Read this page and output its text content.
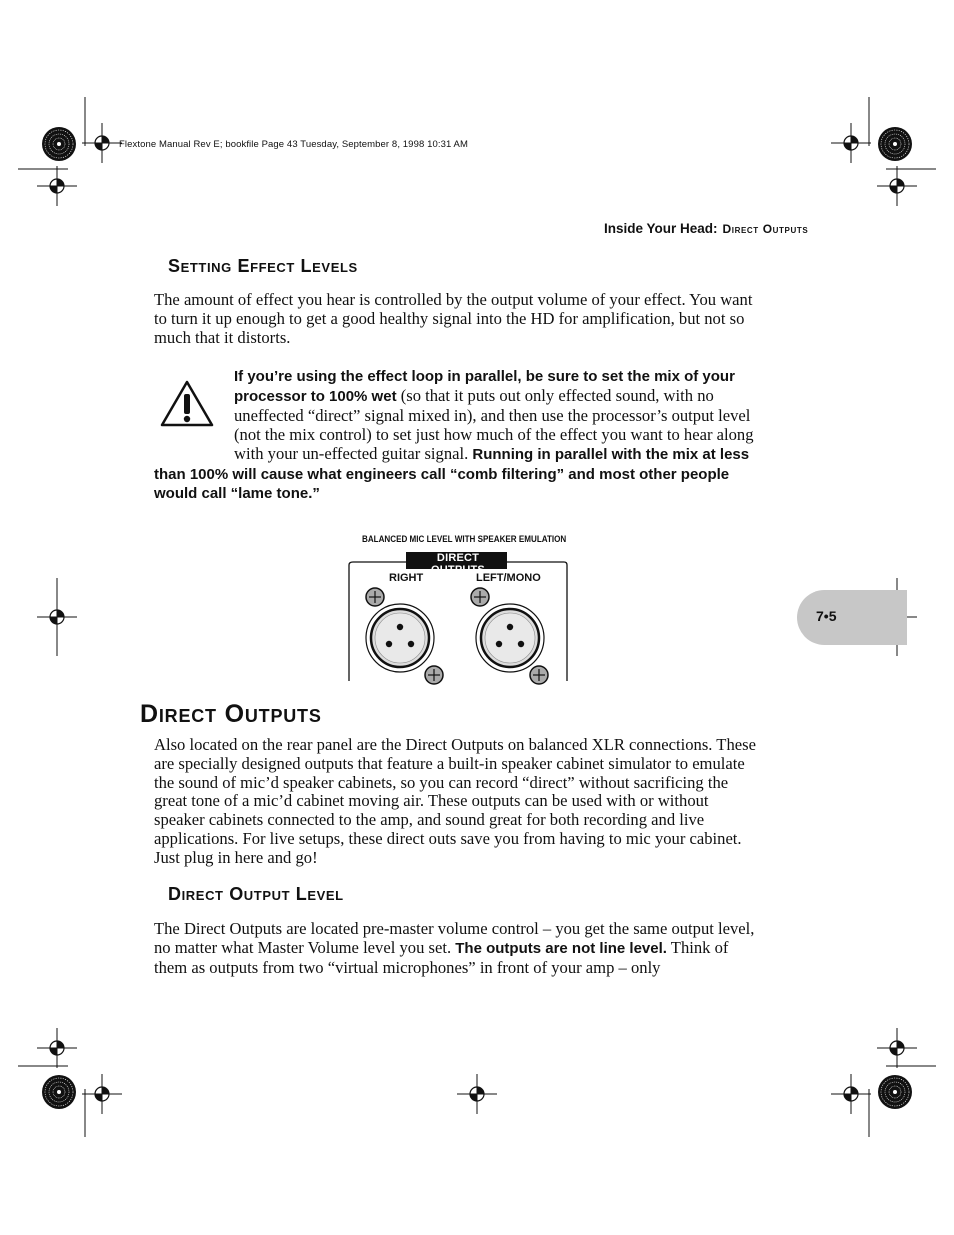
Flextone Manual Rev E; bookfile Page 43 Tuesday, September 8, 1998 10:31 AM
Inside Your Head: Direct Outputs
7•5
Setting Effect Levels
The amount of effect you hear is controlled by the output volume of your effect. You want to turn it up enough to get a good healthy signal into the HD for amplification, but not so much that it distorts.
If you’re using the effect loop in parallel, be sure to set the mix of your processor to 100% wet (so that it puts out only effected sound, with no uneffected “direct” signal mixed in), and then use the processor’s output level (not the mix control) to set just how much of the effect you want to hear along with your un-effected guitar signal. Running in parallel with the mix at less than 100% will cause what engineers call “comb filtering” and most other people would call “lame tone.”
BALANCED MIC LEVEL WITH SPEAKER EMULATION
DIRECT OUTPUTS
RIGHT	LEFT/MONO
Direct Outputs
Also located on the rear panel are the Direct Outputs on balanced XLR connections. These are specially designed outputs that feature a built-in speaker cabinet simulator to emulate the sound of mic’d speaker cabinets, so you can record “direct” without sacrificing the great tone of a mic’d cabinet moving air. These outputs can be used with or without speaker cabinets connected to the amp, and sound great for both recording and live applications. For live setups, these direct outs save you from having to mic your cabinet. Just plug in here and go!
Direct Output Level
The Direct Outputs are located pre-master volume control – you get the same output level, no matter what Master Volume level you set. The outputs are not line level. Think of them as outputs from two “virtual microphones” in front of your amp – only
